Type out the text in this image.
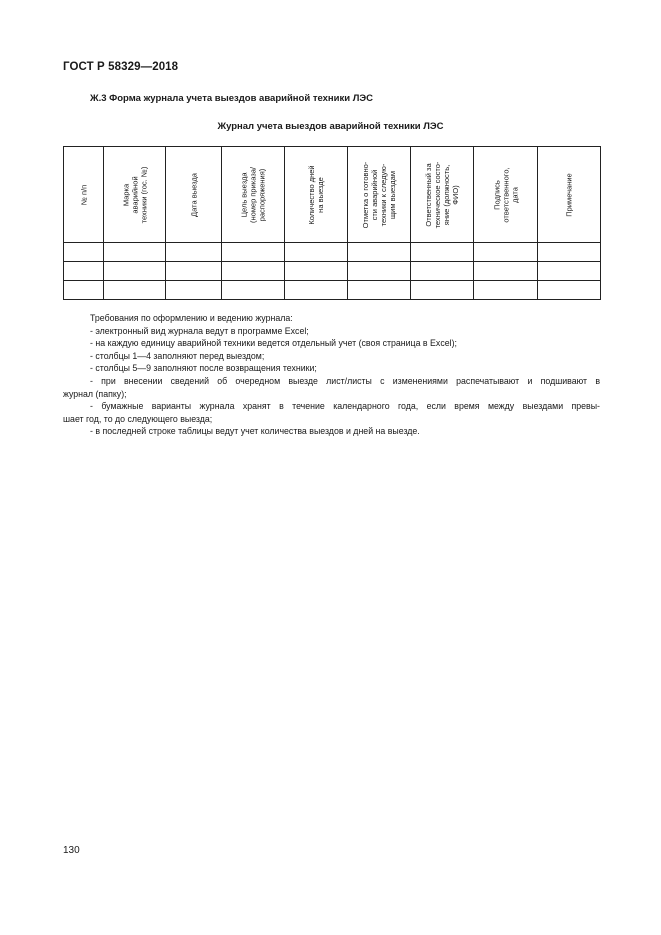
ГОСТ Р 58329—2018
Ж.3 Форма журнала учета выездов аварийной техники ЛЭС
Журнал учета выездов аварийной техники ЛЭС
№ п/п	Марка
аварийной
техники (гос. №)	Дата выезда	Цель выезда
(номер приказа/
распоряжения)	Количество дней
на выезде	Отметка о готовно-
сти аварийной
техники к следую-
щим выездам	Ответственный за
техническое состо-
яние (должность,
ФИО)	Подпись
ответственного,
дата	Примечание

Требования по оформлению и ведению журнала:

- электронный вид журнала ведут в программе Excel;

- на каждую единицу аварийной техники ведется отдельный учет (своя страница в Excel);

- столбцы 1—4 заполняют перед выездом;

- столбцы 5—9 заполняют после возвращения техники;

- при внесении сведений об очередном выезде лист/листы с изменениями распечатывают и подшивают в

журнал (папку);

- бумажные варианты журнала хранят в течение календарного года, если время между выездами превы-

шает год, то до следующего выезда;

- в последней строке таблицы ведут учет количества выездов и дней на выезде.

130
